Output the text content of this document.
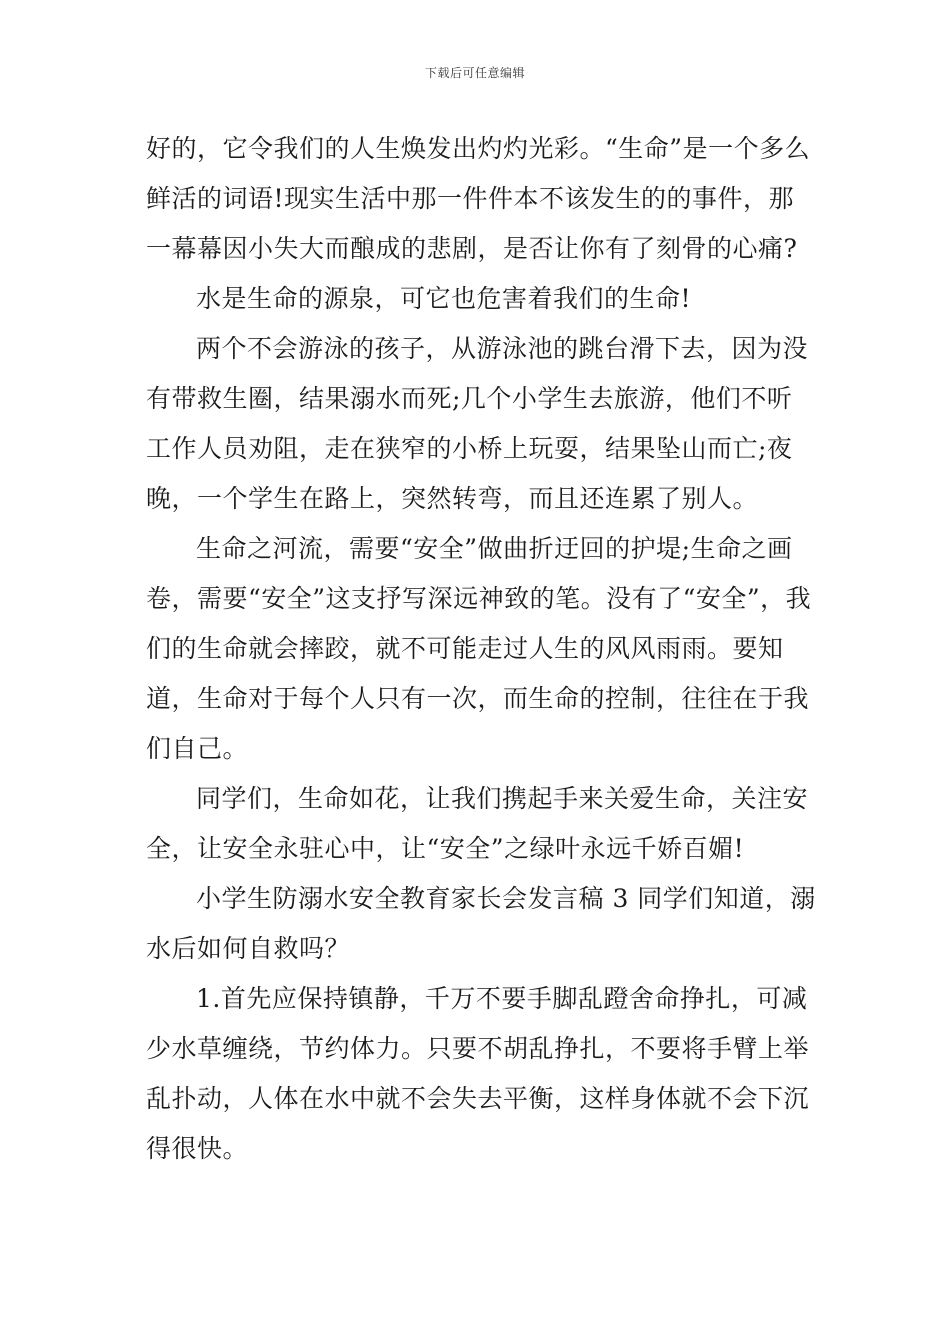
下载后可任意编辑

好的，它令我们的人生焕发出灼灼光彩。“生命”是一个多么鲜活的词语!现实生活中那一件件本不该发生的的事件，那一幕幕因小失大而酿成的悲剧，是否让你有了刻骨的心痛?

水是生命的源泉，可它也危害着我们的生命!

两个不会游泳的孩子，从游泳池的跳台滑下去，因为没有带救生圈，结果溺水而死;几个小学生去旅游，他们不听工作人员劝阻，走在狭窄的小桥上玩耍，结果坠山而亡;夜晚，一个学生在路上，突然转弯，而且还连累了别人。

生命之河流，需要“安全”做曲折迂回的护堤;生命之画卷，需要“安全”这支抒写深远神致的笔。没有了“安全”，我们的生命就会摔跤，就不可能走过人生的风风雨雨。要知道，生命对于每个人只有一次，而生命的控制，往往在于我们自己。

同学们，生命如花，让我们携起手来关爱生命，关注安全，让安全永驻心中，让“安全”之绿叶永远千娇百媚!

小学生防溺水安全教育家长会发言稿 3 同学们知道，溺水后如何自救吗？

1.首先应保持镇静，千万不要手脚乱蹬舍命挣扎，可减少水草缠绕，节约体力。只要不胡乱挣扎，不要将手臂上举乱扑动，人体在水中就不会失去平衡，这样身体就不会下沉得很快。
